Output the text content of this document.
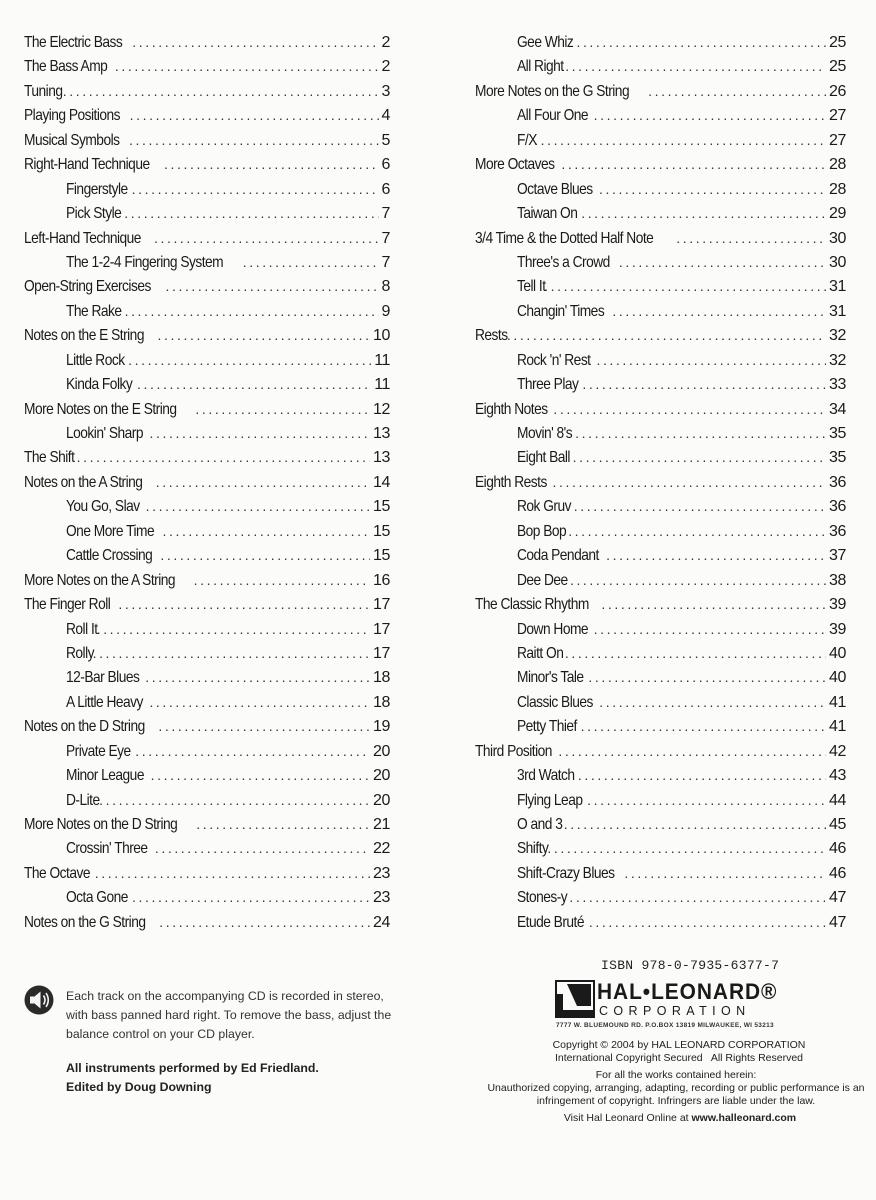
The Electric Bass .....	2
The Bass Amp .....	2
Tuning .....	3
Playing Positions .....	4
Musical Symbols .....	5
Right-Hand Technique .....	6
Fingerstyle .....	6
Pick Style .....	7
Left-Hand Technique .....	7
The 1-2-4 Fingering System .....	7
Open-String Exercises .....	8
The Rake .....	9
Notes on the E String .....	10
Little Rock .....	11
Kinda Folky .....	11
More Notes on the E String .....	12
Lookin' Sharp .....	13
The Shift .....	13
Notes on the A String .....	14
You Go, Slav .....	15
One More Time .....	15
Cattle Crossing .....	15
More Notes on the A String .....	16
The Finger Roll .....	17
Roll It .....	17
Rolly .....	17
12-Bar Blues .....	18
A Little Heavy .....	18
Notes on the D String .....	19
Private Eye .....	20
Minor League .....	20
D-Lite .....	20
More Notes on the D String .....	21
Crossin' Three .....	22
The Octave .....	23
Octa Gone .....	23
Notes on the G String .....	24
Gee Whiz .....	25
All Right .....	25
More Notes on the G String .....	26
All Four One .....	27
F/X .....	27
More Octaves .....	28
Octave Blues .....	28
Taiwan On .....	29
3/4 Time & the Dotted Half Note .....	30
Three's a Crowd .....	30
Tell It .....	31
Changin' Times .....	31
Rests .....	32
Rock 'n' Rest .....	32
Three Play .....	33
Eighth Notes .....	34
Movin' 8's .....	35
Eight Ball .....	35
Eighth Rests .....	36
Rok Gruv .....	36
Bop Bop .....	36
Coda Pendant .....	37
Dee Dee .....	38
The Classic Rhythm .....	39
Down Home .....	39
Raitt On .....	40
Minor's Tale .....	40
Classic Blues .....	41
Petty Thief .....	41
Third Position .....	42
3rd Watch .....	43
Flying Leap .....	44
O and 3 .....	45
Shifty .....	46
Shift-Crazy Blues .....	46
Stones-y .....	47
Etude Bruté .....	47
Each track on the accompanying CD is recorded in stereo, with bass panned hard right. To remove the bass, adjust the balance control on your CD player.
All instruments performed by Ed Friedland.
Edited by Doug Downing
ISBN 978-0-7935-6377-7
HAL•LEONARD®
CORPORATION
7777 W. BLUEMOUND RD. P.O.BOX 13819 MILWAUKEE, WI 53213
Copyright © 2004 by HAL LEONARD CORPORATION
International Copyright Secured   All Rights Reserved
For all the works contained herein:
Unauthorized copying, arranging, adapting, recording or public performance is an infringement of copyright. Infringers are liable under the law.
Visit Hal Leonard Online at www.halleonard.com
